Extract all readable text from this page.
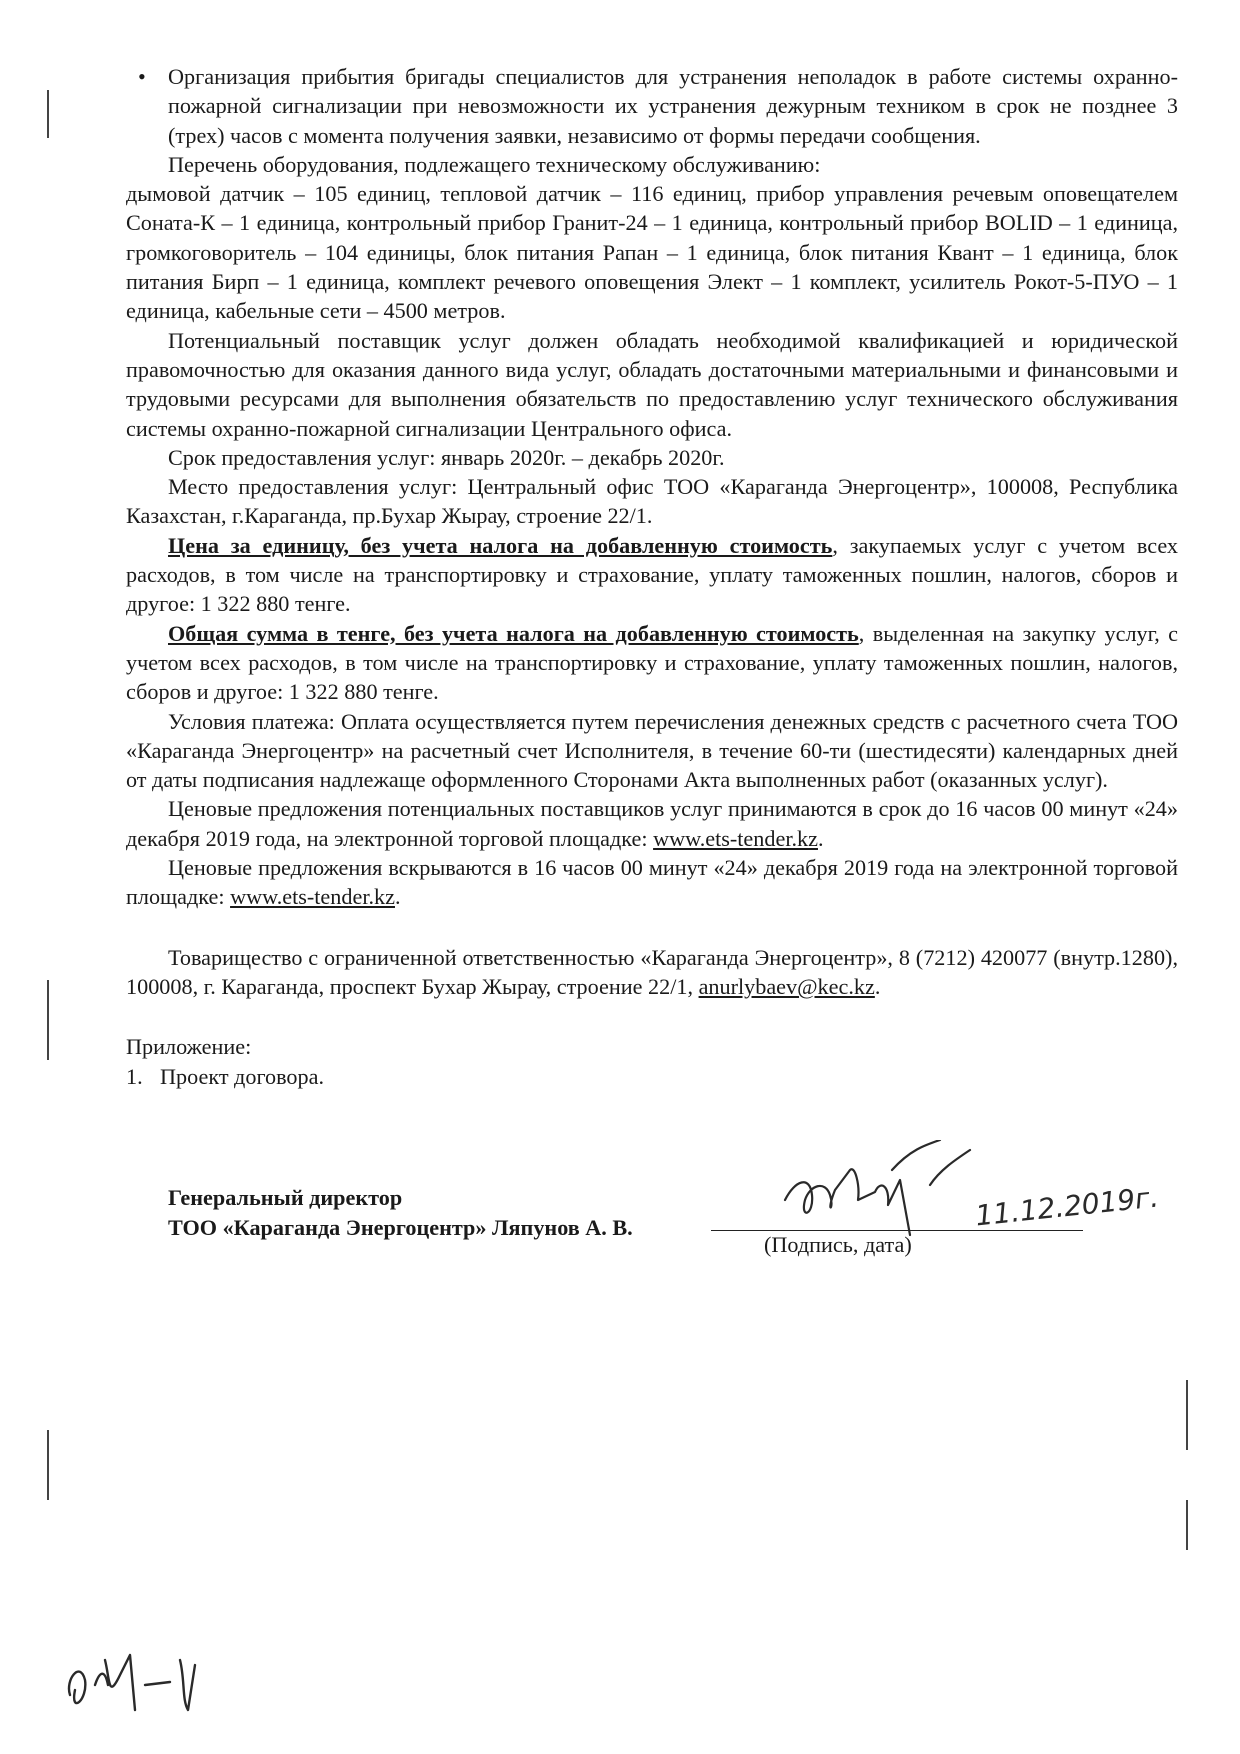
• Организация прибытия бригады специалистов для устранения неполадок в работе системы охранно-пожарной сигнализации при невозможности их устранения дежурным техником в срок не позднее 3 (трех) часов с момента получения заявки, независимо от формы передачи сообщения.

Перечень оборудования, подлежащего техническому обслуживанию:

дымовой датчик – 105 единиц, тепловой датчик – 116 единиц, прибор управления речевым оповещателем Соната-К – 1 единица, контрольный прибор Гранит-24 – 1 единица, контрольный прибор BOLID – 1 единица, громкоговоритель – 104 единицы, блок питания Рапан – 1 единица, блок питания Квант – 1 единица, блок питания Бирп – 1 единица, комплект речевого оповещения Элект – 1 комплект, усилитель Рокот-5-ПУО – 1 единица, кабельные сети – 4500 метров.

Потенциальный поставщик услуг должен обладать необходимой квалификацией и юридической правомочностью для оказания данного вида услуг, обладать достаточными материальными и финансовыми и трудовыми ресурсами для выполнения обязательств по предоставлению услуг технического обслуживания системы охранно-пожарной сигнализации Центрального офиса.

Срок предоставления услуг: январь 2020г. – декабрь 2020г.

Место предоставления услуг: Центральный офис ТОО «Караганда Энергоцентр», 100008, Республика Казахстан, г.Караганда, пр.Бухар Жырау, строение 22/1.

Цена за единицу, без учета налога на добавленную стоимость, закупаемых услуг с учетом всех расходов, в том числе на транспортировку и страхование, уплату таможенных пошлин, налогов, сборов и другое: 1 322 880 тенге.

Общая сумма в тенге, без учета налога на добавленную стоимость, выделенная на закупку услуг, с учетом всех расходов, в том числе на транспортировку и страхование, уплату таможенных пошлин, налогов, сборов и другое: 1 322 880 тенге.

Условия платежа: Оплата осуществляется путем перечисления денежных средств с расчетного счета ТОО «Караганда Энергоцентр» на расчетный счет Исполнителя, в течение 60-ти (шестидесяти) календарных дней от даты подписания надлежаще оформленного Сторонами Акта выполненных работ (оказанных услуг).

Ценовые предложения потенциальных поставщиков услуг принимаются в срок до 16 часов 00 минут «24» декабря 2019 года, на электронной торговой площадке: www.ets-tender.kz.

Ценовые предложения вскрываются в 16 часов 00 минут «24» декабря 2019 года на электронной торговой площадке: www.ets-tender.kz.

Товарищество с ограниченной ответственностью «Караганда Энергоцентр», 8 (7212) 420077 (внутр.1280), 100008, г. Караганда, проспект Бухар Жырау, строение 22/1, anurlybaev@kec.kz.

Приложение:

1. Проект договора.

Генеральный директор
ТОО «Караганда Энергоцентр» Ляпунов А. В.
(Подпись, дата)
11.12.2019г.
